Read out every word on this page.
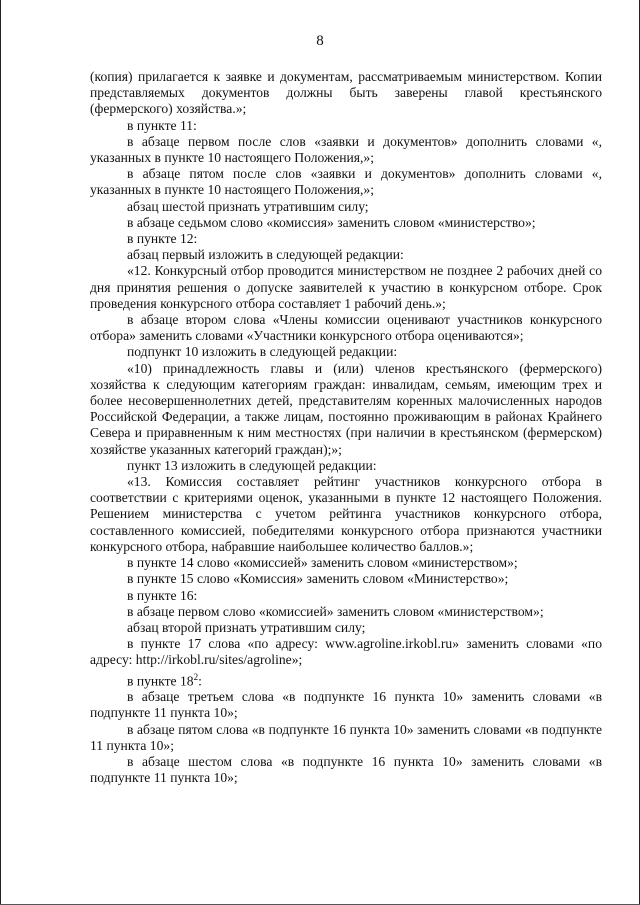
8

(копия) прилагается к заявке и документам, рассматриваемым министерством. Копии представляемых документов должны быть заверены главой крестьянского (фермерского) хозяйства.»;

в пункте 11:

в абзаце первом после слов «заявки и документов» дополнить словами «, указанных в пункте 10 настоящего Положения,»;

в абзаце пятом после слов «заявки и документов» дополнить словами «, указанных в пункте 10 настоящего Положения,»;

абзац шестой признать утратившим силу;

в абзаце седьмом слово «комиссия» заменить словом «министерство»;

в пункте 12:

абзац первый изложить в следующей редакции:

«12. Конкурсный отбор проводится министерством не позднее 2 рабочих дней со дня принятия решения о допуске заявителей к участию в конкурсном отборе. Срок проведения конкурсного отбора составляет 1 рабочий день.»;

в абзаце втором слова «Члены комиссии оценивают участников конкурсного отбора» заменить словами «Участники конкурсного отбора оцениваются»;

подпункт 10 изложить в следующей редакции:

«10) принадлежность главы и (или) членов крестьянского (фермерского) хозяйства к следующим категориям граждан: инвалидам, семьям, имеющим трех и более несовершеннолетних детей, представителям коренных малочисленных народов Российской Федерации, а также лицам, постоянно проживающим в районах Крайнего Севера и приравненным к ним местностях (при наличии в крестьянском (фермерском) хозяйстве указанных категорий граждан);»;

пункт 13 изложить в следующей редакции:

«13. Комиссия составляет рейтинг участников конкурсного отбора в соответствии с критериями оценок, указанными в пункте 12 настоящего Положения. Решением министерства с учетом рейтинга участников конкурсного отбора, составленного комиссией, победителями конкурсного отбора признаются участники конкурсного отбора, набравшие наибольшее количество баллов.»;

в пункте 14 слово «комиссией» заменить словом «министерством»;

в пункте 15 слово «Комиссия» заменить словом «Министерство»;

в пункте 16:

в абзаце первом слово «комиссией» заменить словом «министерством»;

абзац второй признать утратившим силу;

в пункте 17 слова «по адресу: www.agroline.irkobl.ru» заменить словами «по адресу: http://irkobl.ru/sites/agroline»;

в пункте $18^2$:

в абзаце третьем слова «в подпункте 16 пункта 10» заменить словами «в подпункте 11 пункта 10»;

в абзаце пятом слова «в подпункте 16 пункта 10» заменить словами «в подпункте 11 пункта 10»;

в абзаце шестом слова «в подпункте 16 пункта 10» заменить словами «в подпункте 11 пункта 10»;
